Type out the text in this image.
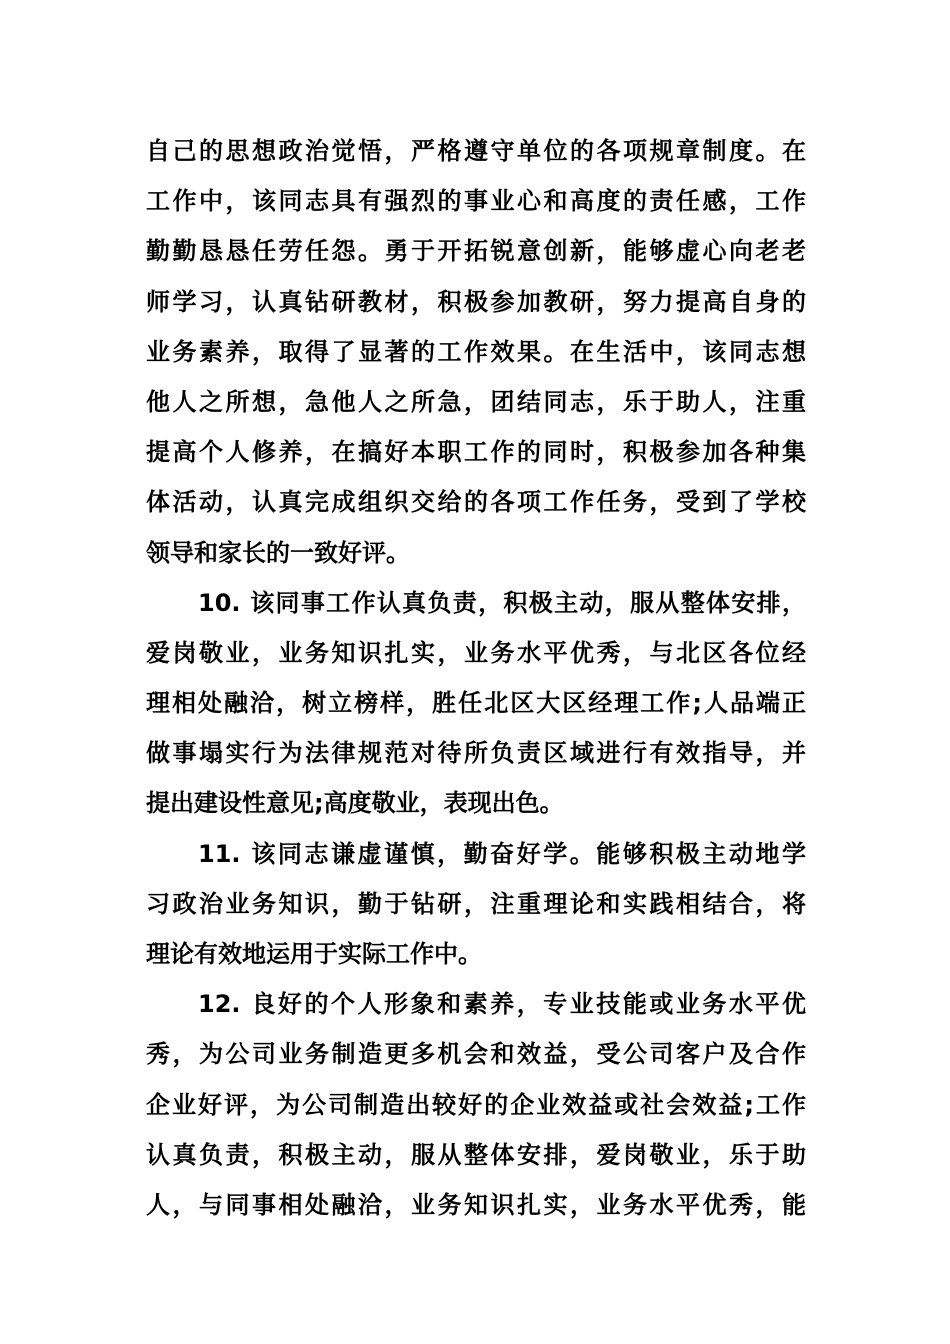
自己的思想政治觉悟，严格遵守单位的各项规章制度。在
工作中，该同志具有强烈的事业心和高度的责任感，工作
勤勤恳恳任劳任怨。勇于开拓锐意创新，能够虚心向老老
师学习，认真钻研教材，积极参加教研，努力提高自身的
业务素养，取得了显著的工作效果。在生活中，该同志想
他人之所想，急他人之所急，团结同志，乐于助人，注重
提高个人修养，在搞好本职工作的同时，积极参加各种集
体活动，认真完成组织交给的各项工作任务，受到了学校
领导和家长的一致好评。
10. 该同事工作认真负责，积极主动，服从整体安排，
爱岗敬业，业务知识扎实，业务水平优秀，与北区各位经
理相处融洽，树立榜样，胜任北区大区经理工作;人品端正
做事塌实行为法律规范对待所负责区域进行有效指导，并
提出建设性意见;高度敬业，表现出色。
11. 该同志谦虚谨慎，勤奋好学。能够积极主动地学
习政治业务知识，勤于钻研，注重理论和实践相结合，将
理论有效地运用于实际工作中。
12. 良好的个人形象和素养，专业技能或业务水平优
秀，为公司业务制造更多机会和效益，受公司客户及合作
企业好评，为公司制造出较好的企业效益或社会效益;工作
认真负责，积极主动，服从整体安排，爱岗敬业，乐于助
人，与同事相处融洽，业务知识扎实，业务水平优秀，能
